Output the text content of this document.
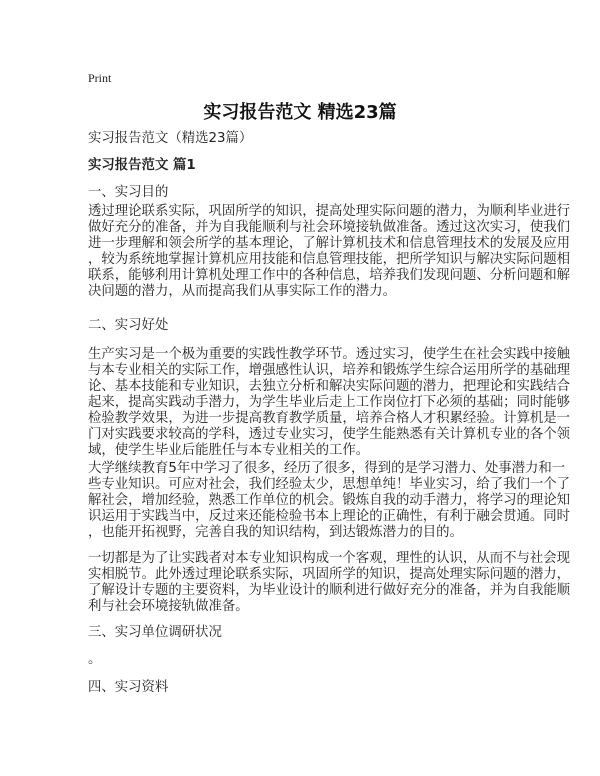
Print
实习报告范文 精选23篇
实习报告范文（精选23篇）
实习报告范文 篇1
一、实习目的
透过理论联系实际，巩固所学的知识，提高处理实际问题的潜力，为顺利毕业进行
做好充分的准备，并为自我能顺利与社会环境接轨做准备。透过这次实习，使我们
进一步理解和领会所学的基本理论，了解计算机技术和信息管理技术的发展及应用
，较为系统地掌握计算机应用技能和信息管理技能，把所学知识与解决实际问题相
联系，能够利用计算机处理工作中的各种信息，培养我们发现问题、分析问题和解
决问题的潜力，从而提高我们从事实际工作的潜力。
二、实习好处
生产实习是一个极为重要的实践性教学环节。透过实习，使学生在社会实践中接触
与本专业相关的实际工作，增强感性认识，培养和锻炼学生综合运用所学的基础理
论、基本技能和专业知识，去独立分析和解决实际问题的潜力，把理论和实践结合
起来，提高实践动手潜力，为学生毕业后走上工作岗位打下必须的基础；同时能够
检验教学效果，为进一步提高教育教学质量，培养合格人才积累经验。计算机是一
门对实践要求较高的学科，透过专业实习，使学生能熟悉有关计算机专业的各个领
域，使学生毕业后能胜任与本专业相关的工作。
大学继续教育5年中学习了很多，经历了很多，得到的是学习潜力、处事潜力和一
些专业知识。可应对社会，我们经验太少，思想单纯！毕业实习，给了我们一个了
解社会，增加经验，熟悉工作单位的机会。锻炼自我的动手潜力，将学习的理论知
识运用于实践当中，反过来还能检验书本上理论的正确性，有利于融会贯通。同时
，也能开拓视野，完善自我的知识结构，到达锻炼潜力的目的。
一切都是为了让实践者对本专业知识构成一个客观，理性的认识，从而不与社会现
实相脱节。此外透过理论联系实际，巩固所学的知识，提高处理实际问题的潜力，
了解设计专题的主要资料，为毕业设计的顺利进行做好充分的准备，并为自我能顺
利与社会环境接轨做准备。
三、实习单位调研状况
。
四、实习资料
